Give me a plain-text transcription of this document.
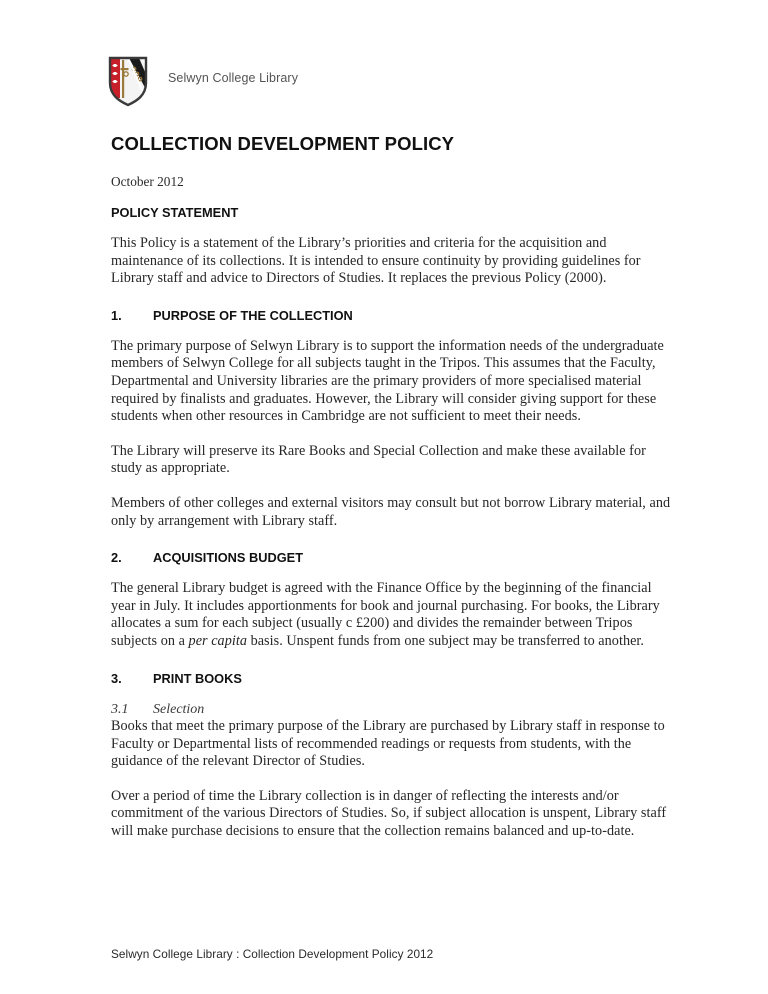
Selwyn College Library
COLLECTION DEVELOPMENT POLICY

October 2012

POLICY STATEMENT

This Policy is a statement of the Library’s priorities and criteria for the acquisition and maintenance of its collections. It is intended to ensure continuity by providing guidelines for Library staff and advice to Directors of Studies. It replaces the previous Policy (2000).

1.	PURPOSE OF THE COLLECTION

The primary purpose of Selwyn Library is to support the information needs of the undergraduate members of Selwyn College for all subjects taught in the Tripos. This assumes that the Faculty, Departmental and University libraries are the primary providers of more specialised material required by finalists and graduates. However, the Library will consider giving support for these students when other resources in Cambridge are not sufficient to meet their needs.

The Library will preserve its Rare Books and Special Collection and make these available for study as appropriate.

Members of other colleges and external visitors may consult but not borrow Library material, and only by arrangement with Library staff.

2.	ACQUISITIONS BUDGET

The general Library budget is agreed with the Finance Office by the beginning of the financial year in July. It includes apportionments for book and journal purchasing. For books, the Library allocates a sum for each subject (usually c £200) and divides the remainder between Tripos subjects on a per capita basis. Unspent funds from one subject may be transferred to another.

3.	PRINT BOOKS

3.1	Selection

Books that meet the primary purpose of the Library are purchased by Library staff in response to Faculty or Departmental lists of recommended readings or requests from students, with the guidance of the relevant Director of Studies.

Over a period of time the Library collection is in danger of reflecting the interests and/or commitment of the various Directors of Studies. So, if subject allocation is unspent, Library staff will make purchase decisions to ensure that the collection remains balanced and up-to-date.

Selwyn College Library : Collection Development Policy 2012
